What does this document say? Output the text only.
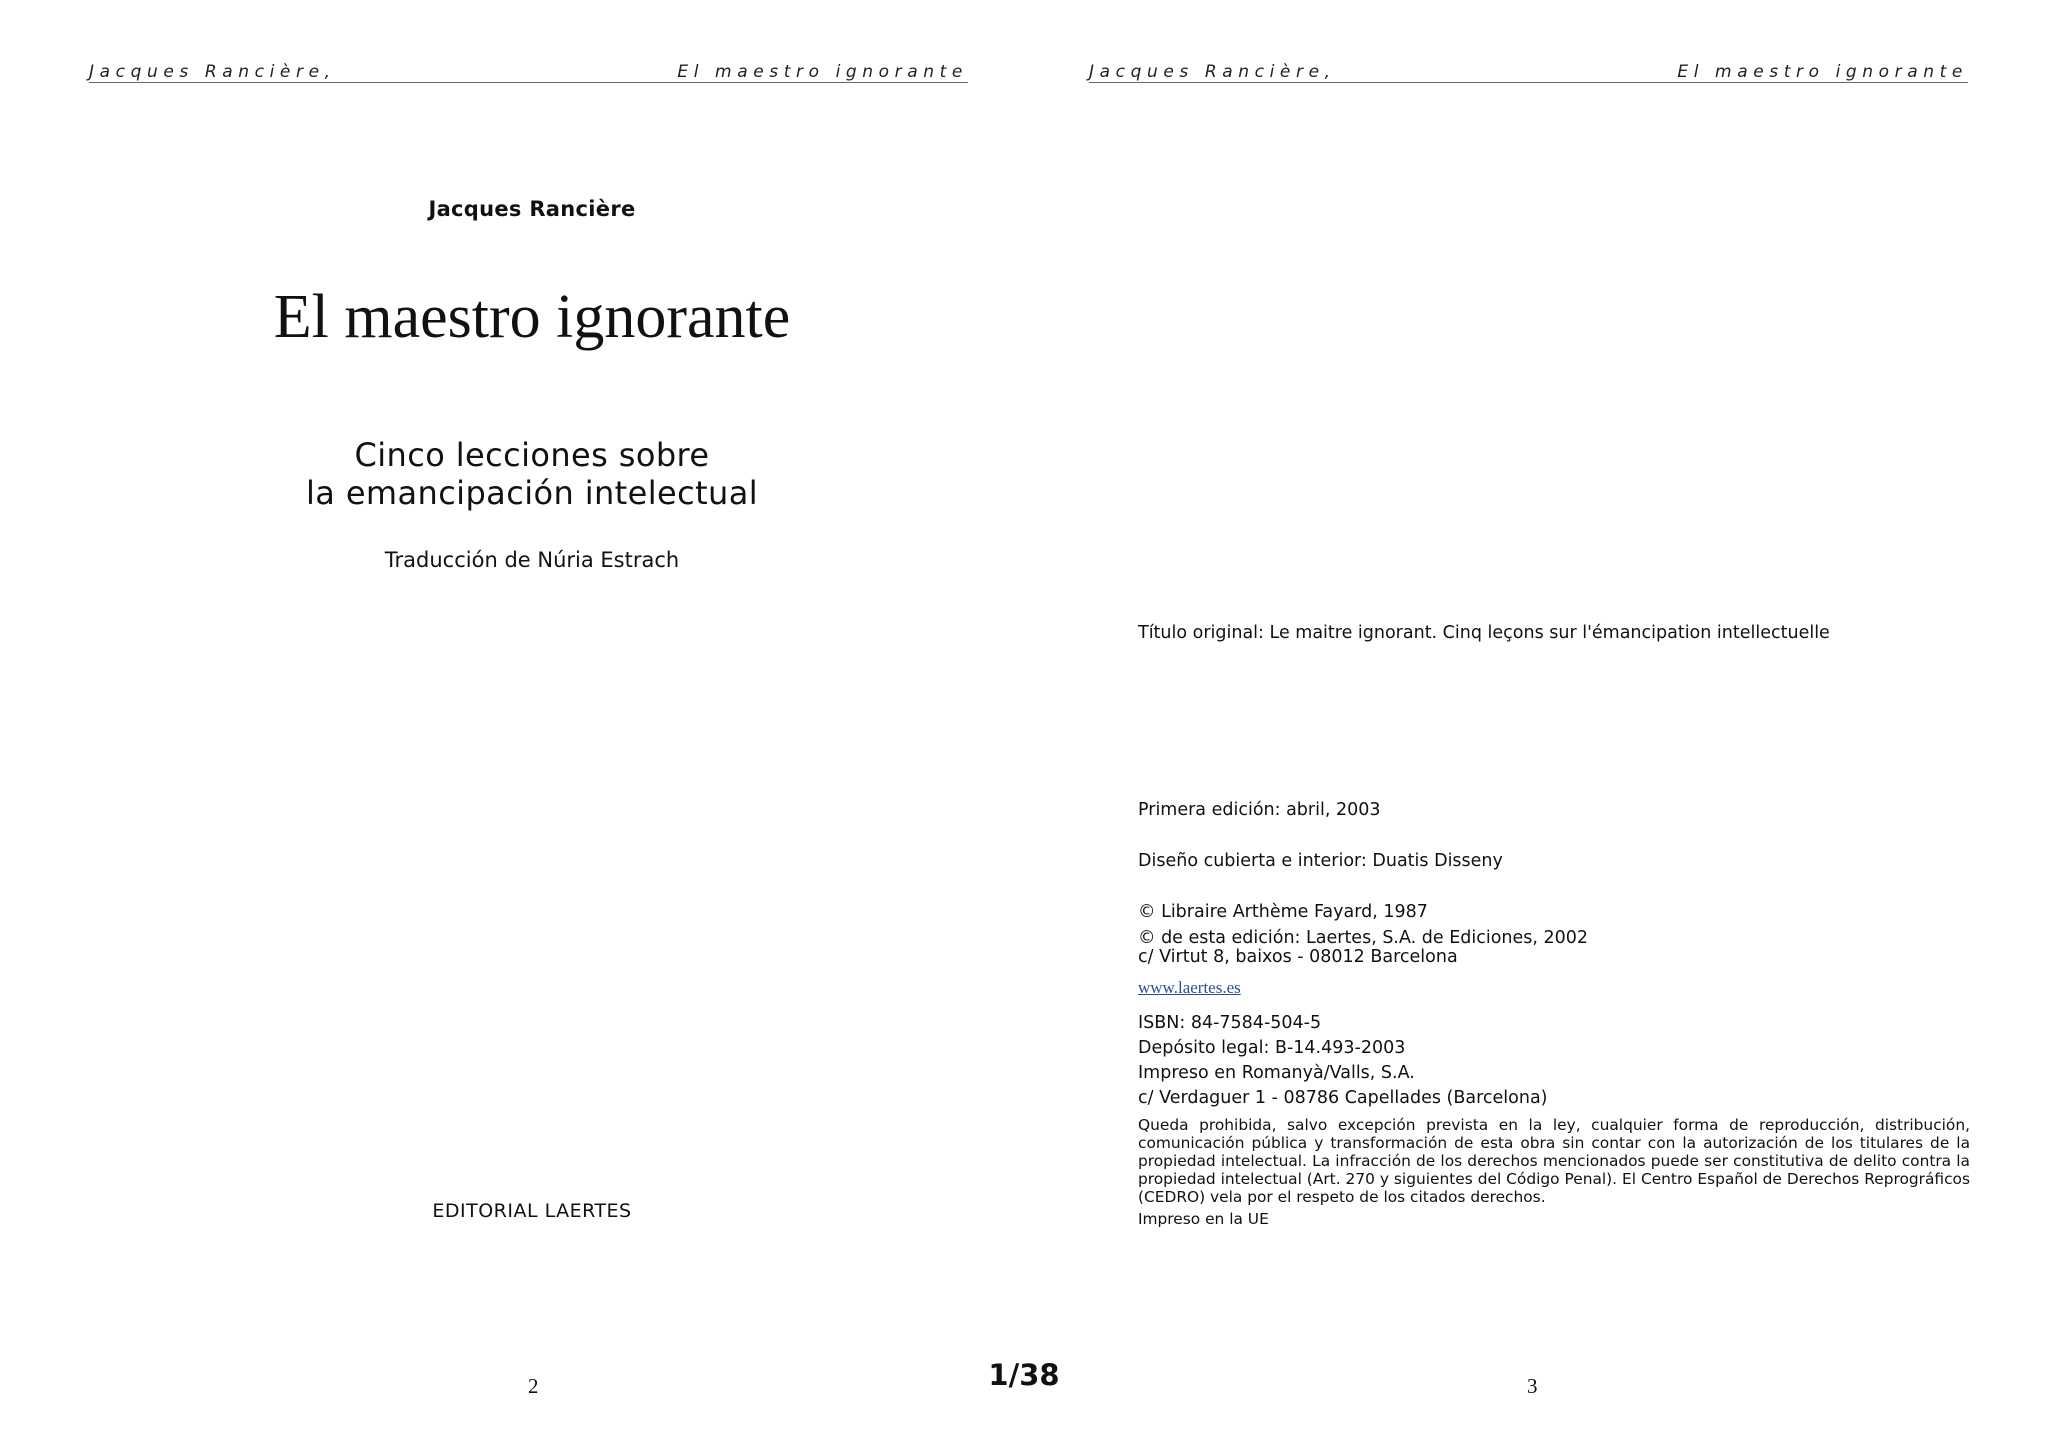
Jacques Rancière,	El maestro ignorante	Jacques Rancière,	El maestro ignorante
Jacques Rancière
El maestro ignorante
Cinco lecciones sobre
la emancipación intelectual
Traducción de Núria Estrach
EDITORIAL LAERTES
2
Título original: Le maitre ignorant. Cinq leçons sur l'émancipation intellectuelle
Primera edición: abril, 2003
Diseño cubierta e interior: Duatis Disseny
© Libraire Arthème Fayard, 1987
© de esta edición: Laertes, S.A. de Ediciones, 2002
c/ Virtut 8, baixos - 08012 Barcelona
www.laertes.es
ISBN: 84-7584-504-5
Depósito legal: B-14.493-2003
Impreso en Romanyà/Valls, S.A.
c/ Verdaguer 1 - 08786 Capellades (Barcelona)
Queda prohibida, salvo excepción prevista en la ley, cualquier forma de reproducción, distribución, comunicación pública y transformación de esta obra sin contar con la autorización de los titulares de la propiedad intelectual. La infracción de los derechos mencionados puede ser constitutiva de delito contra la propiedad intelectual (Art. 270 y siguientes del Código Penal). El Centro Español de Derechos Reprográficos (CEDRO) vela por el respeto de los citados derechos.
Impreso en la UE
3
1/38
